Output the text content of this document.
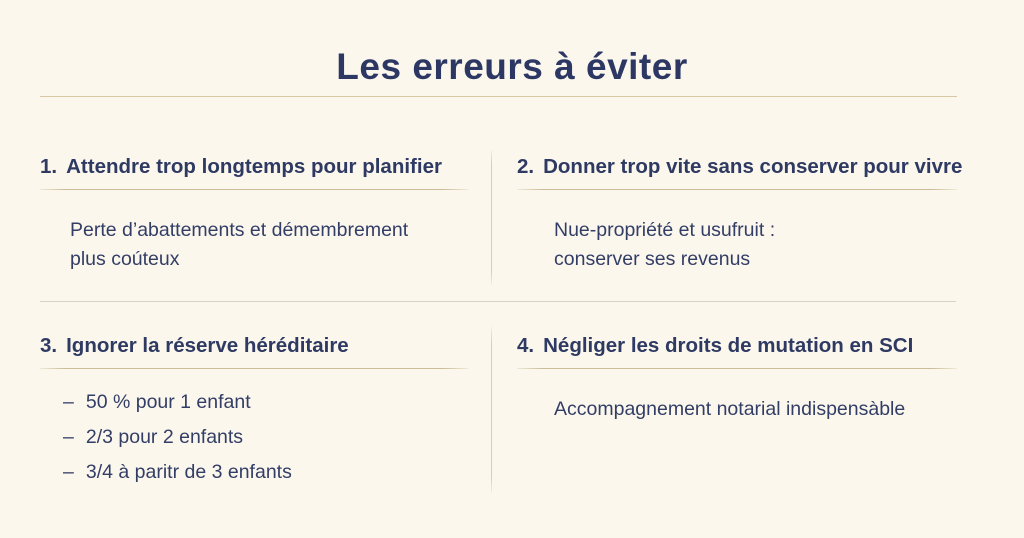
Les erreurs à éviter
1. Attendre trop longtemps pour planifier
Perte d’abattements et démembrement
plus coúteux
2. Donner trop vite sans conserver pour vivre
Nue-propriété et usufruit :
conserver ses revenus
3. Ignorer la réserve héréditaire
– 50 % pour 1 enfant
– 2/3 pour 2 enfants
– 3/4 à paritr de 3 enfants
4. Négliger les droits de mutation en SCI
Accompagnement notarial indispensàble
